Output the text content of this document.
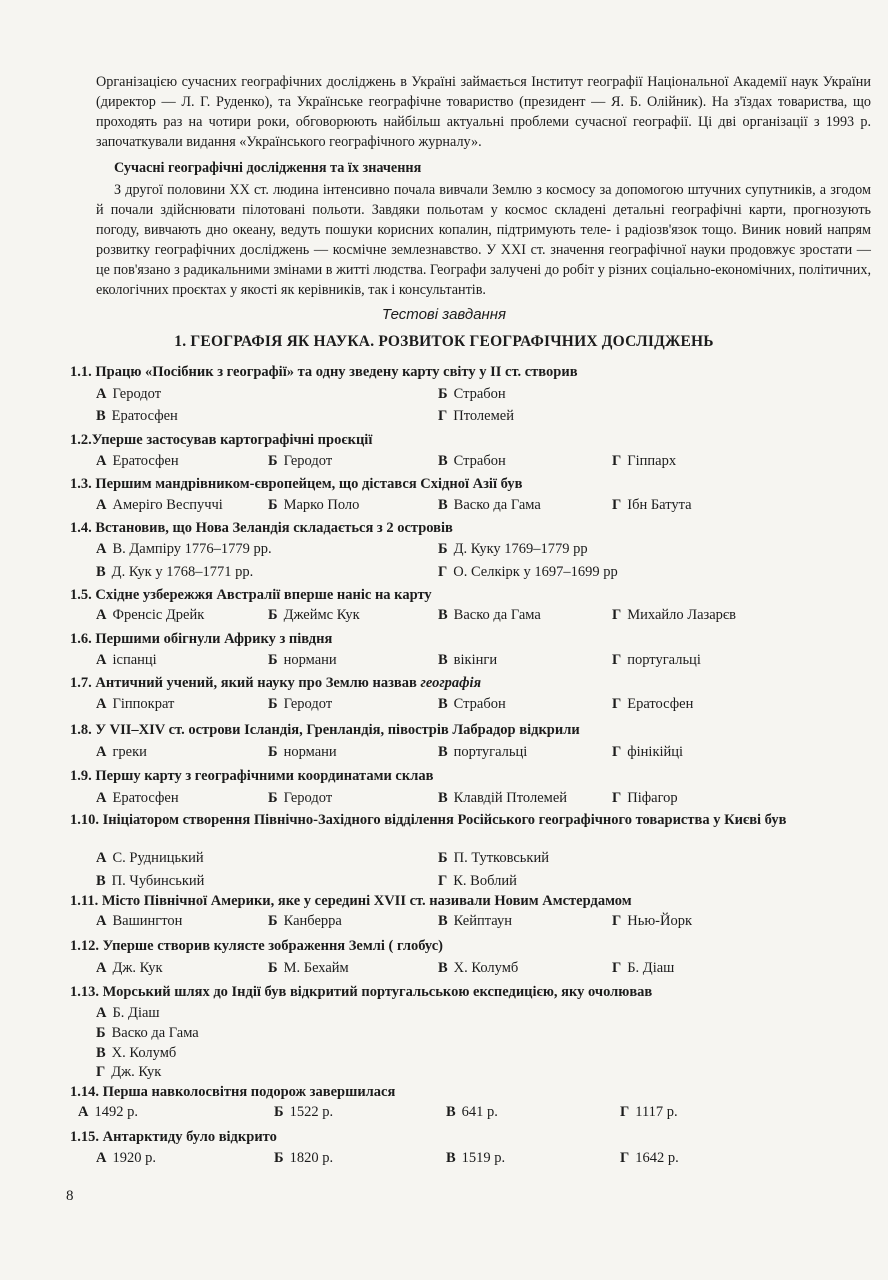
Організацією сучасних географічних досліджень в Україні займається Інститут географії Національної Академії наук України (директор — Л. Г. Руденко), та Українське географічне товариство (президент — Я. Б. Олійник). На з'їздах товариства, що проходять раз на чотири роки, обговорюють найбільш актуальні проблеми сучасної географії. Ці дві організації з 1993 р. започаткували видання «Українського географічного журналу».

Сучасні географічні дослідження та їх значення

З другої половини XX ст. людина інтенсивно почала вивчали Землю з космосу за допомогою штучних супутників, а згодом й почали здійснювати пілотовані польоти. Завдяки польотам у космос складені детальні географічні карти, прогнозують погоду, вивчають дно океану, ведуть пошуки корисних копалин, підтримують теле- і радіозв'язок тощо. Виник новий напрям розвитку географічних досліджень — космічне землезнавство. У XXI ст. значення географічної науки продовжує зростати — це пов'язано з радикальними змінами в житті людства. Географи залучені до робіт у різних соціально-економічних, політичних, екологічних проєктах у якості як керівників, так і консультантів.

Тестові завдання
1. ГЕОГРАФІЯ ЯК НАУКА. РОЗВИТОК ГЕОГРАФІЧНИХ ДОСЛІДЖЕНЬ
1.1. Працю «Посібник з географії» та одну зведену карту світу у II ст. створив
А Геродот	Б Страбон
В Ератосфен	Г Птолемей
1.2.Уперше застосував картографічні проєкції
А Ератосфен	Б Геродот	В Страбон	Г Гіппарх
1.3. Першим мандрівником-європейцем, що дістався Східної Азії був
А Амеріго Веспуччі	Б Марко Поло	В Васко да Гама	Г Ібн Батута
1.4. Встановив, що Нова Зеландія складається з 2 островів
А В. Дампіру 1776–1779 рр.	Б Д. Куку 1769–1779 рр
В Д. Кук у 1768–1771 рр.	Г О. Селкірк у 1697–1699 рр
1.5. Східне узбережжя Австралії вперше наніс на карту
А Френсіс Дрейк	Б Джеймс Кук	В Васко да Гама	Г Михайло Лазарєв
1.6. Першими обігнули Африку з півдня
А іспанці	Б нормани	В вікінги	Г португальці
1.7. Античний учений, який науку про Землю назвав географія
А Гіппократ	Б Геродот	В Страбон	Г Ератосфен
1.8. У VII–XIV ст. острови Ісландія, Гренландія, півострів Лабрадор відкрили
А греки	Б нормани	В португальці	Г фінікійці
1.9. Першу карту з географічними координатами склав
А Ератосфен	Б Геродот	В Клавдій Птолемей	Г Піфагор
1.10. Ініціатором створення Північно-Західного відділення Російського географічного товариства у Києві був
А С. Рудницький	Б П. Тутковський
В П. Чубинський	Г К. Воблий
1.11. Місто Північної Америки, яке у середині XVII ст. називали Новим Амстердамом
А Вашингтон	Б Канберра	В Кейптаун	Г Нью-Йорк
1.12. Уперше створив кулясте зображення Землі ( глобус)
А Дж. Кук	Б М. Бехайм	В Х. Колумб	Г Б. Діаш
1.13. Морський шлях до Індії був відкритий португальською експедицією, яку очолював
А Б. Діаш
Б Васко да Гама
В Х. Колумб
Г Дж. Кук
1.14. Перша навколосвітня подорож завершилася
А 1492 р.	Б 1522 р.	В 641 р.	Г 1117 р.
1.15. Антарктиду було відкрито
А 1920 р.	Б 1820 р.	В 1519 р.	Г 1642 р.
8
